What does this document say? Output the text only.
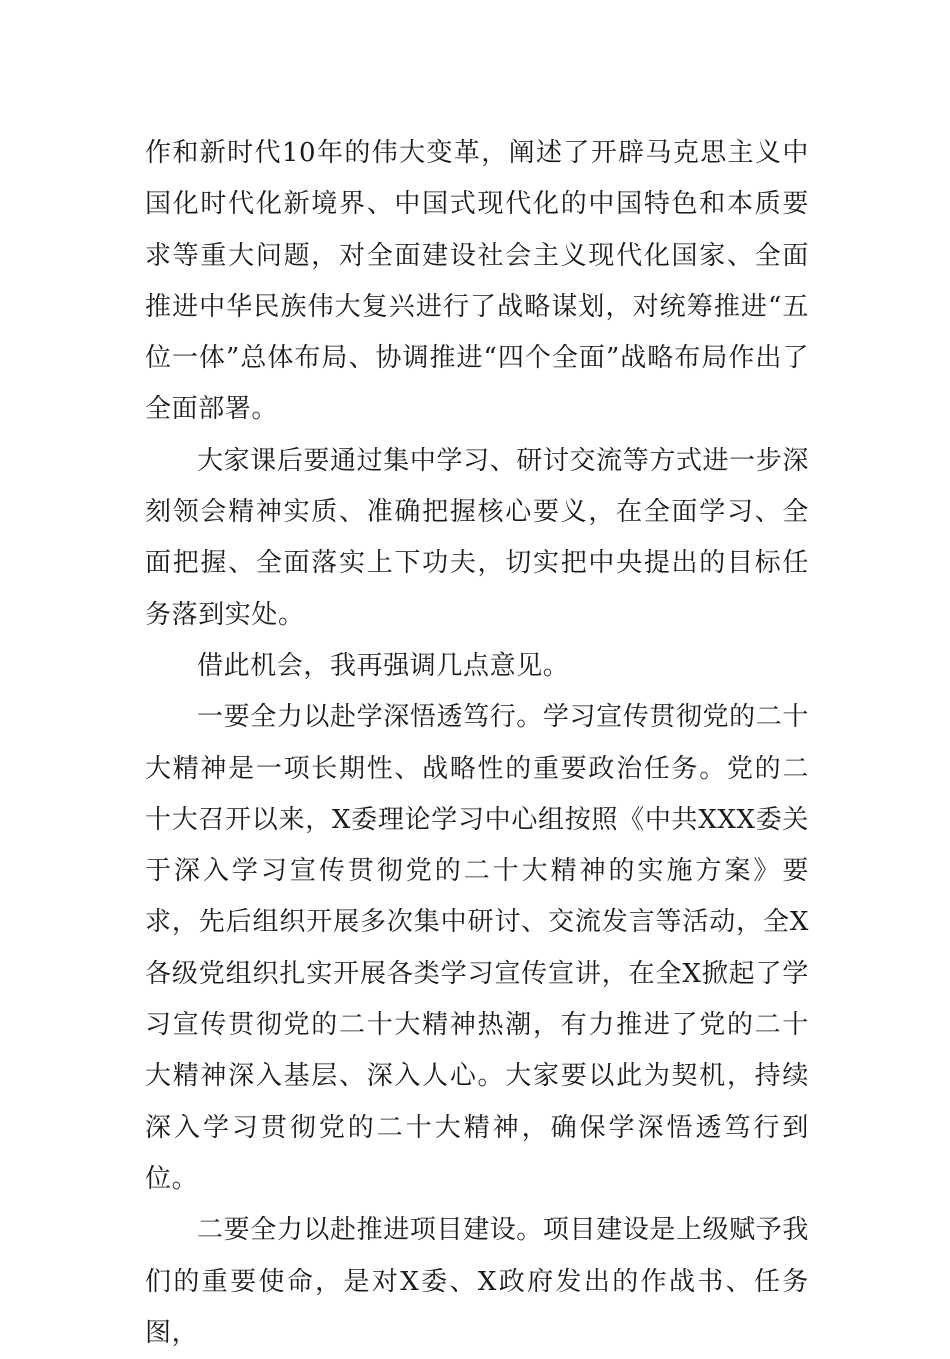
作和新时代10年的伟大变革，阐述了开辟马克思主义中国化时代化新境界、中国式现代化的中国特色和本质要求等重大问题，对全面建设社会主义现代化国家、全面推进中华民族伟大复兴进行了战略谋划，对统筹推进“五位一体”总体布局、协调推进“四个全面”战略布局作出了全面部署。

大家课后要通过集中学习、研讨交流等方式进一步深刻领会精神实质、准确把握核心要义，在全面学习、全面把握、全面落实上下功夫，切实把中央提出的目标任务落到实处。

借此机会，我再强调几点意见。

一要全力以赴学深悟透笃行。学习宣传贯彻党的二十大精神是一项长期性、战略性的重要政治任务。党的二十大召开以来，X委理论学习中心组按照《中共XXX委关于深入学习宣传贯彻党的二十大精神的实施方案》要求，先后组织开展多次集中研讨、交流发言等活动，全X各级党组织扎实开展各类学习宣传宣讲，在全X掀起了学习宣传贯彻党的二十大精神热潮，有力推进了党的二十大精神深入基层、深入人心。大家要以此为契机，持续深入学习贯彻党的二十大精神，确保学深悟透笃行到位。

二要全力以赴推进项目建设。项目建设是上级赋予我们的重要使命，是对X委、X政府发出的作战书、任务图，
